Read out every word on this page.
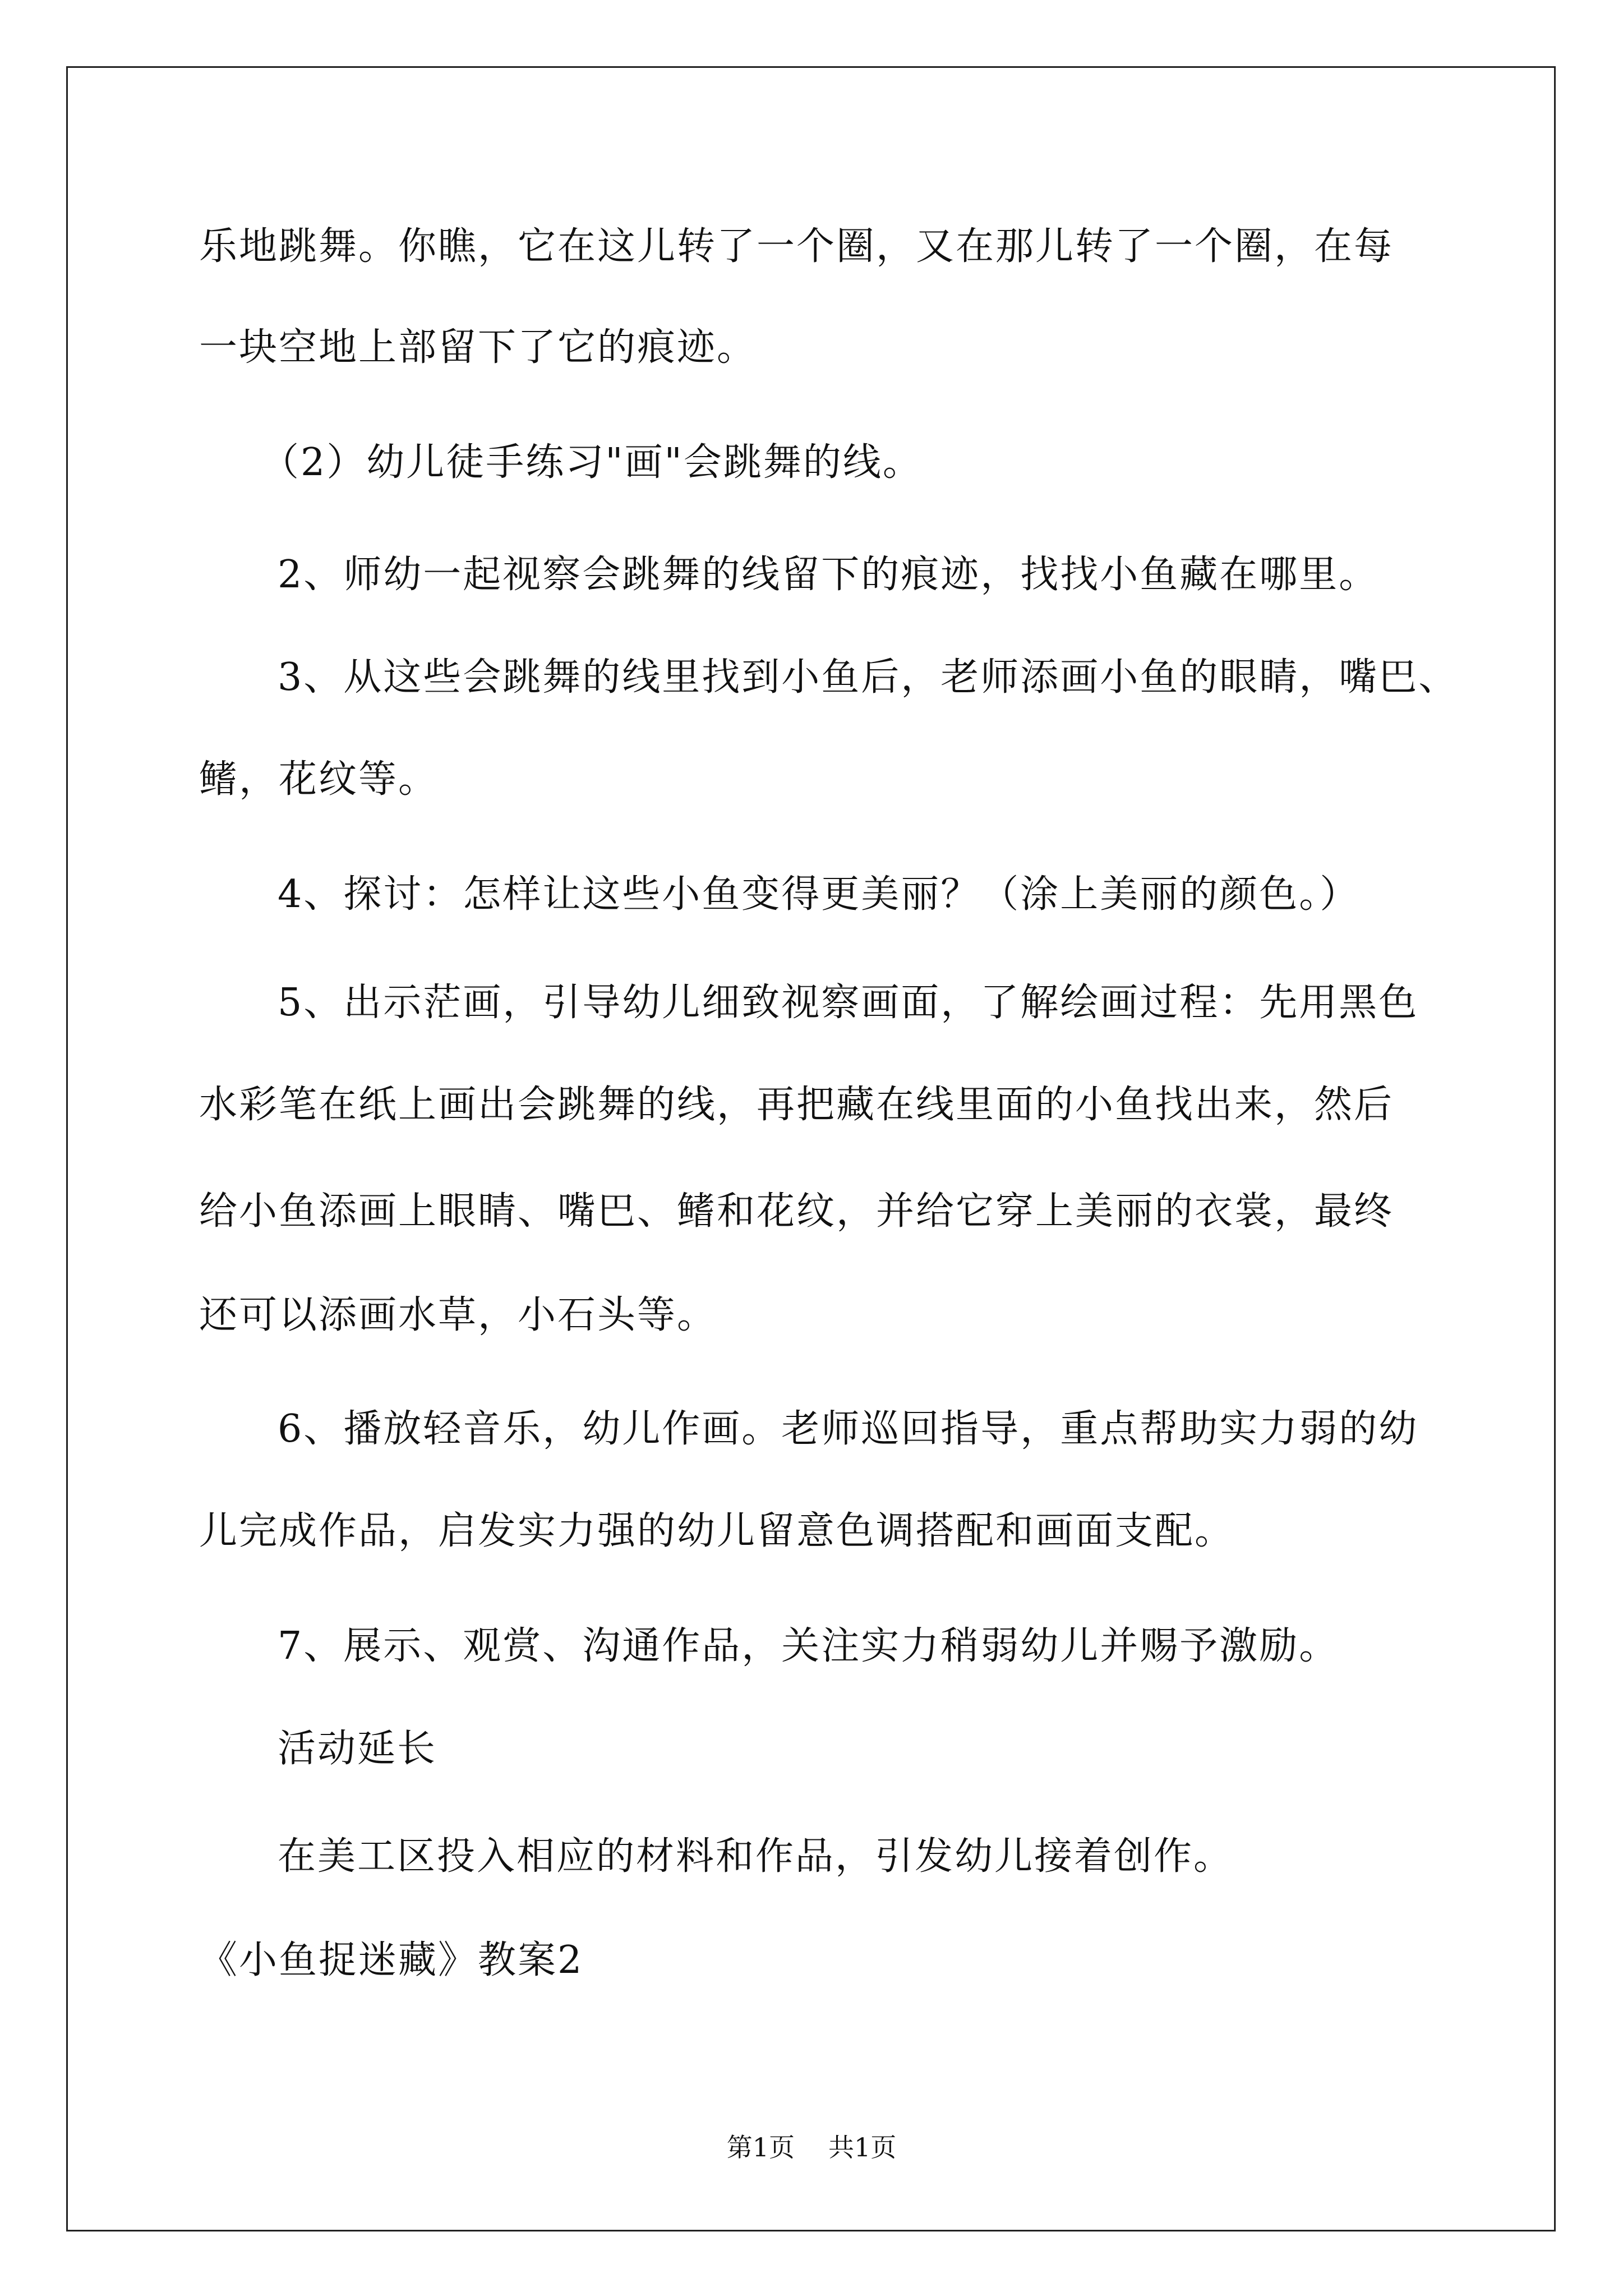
乐地跳舞。你瞧，它在这儿转了一个圈，又在那儿转了一个圈，在每
一块空地上部留下了它的痕迹。
（2）幼儿徒手练习"画"会跳舞的线。
2、师幼一起视察会跳舞的线留下的痕迹，找找小鱼藏在哪里。
3、从这些会跳舞的线里找到小鱼后，老师添画小鱼的眼睛，嘴巴、
鳍，花纹等。
4、探讨：怎样让这些小鱼变得更美丽？（涂上美丽的颜色。）
5、出示茫画，引导幼儿细致视察画面，了解绘画过程：先用黑色
水彩笔在纸上画出会跳舞的线，再把藏在线里面的小鱼找出来，然后
给小鱼添画上眼睛、嘴巴、鳍和花纹，并给它穿上美丽的衣裳，最终
还可以添画水草，小石头等。
6、播放轻音乐，幼儿作画。老师巡回指导，重点帮助实力弱的幼
儿完成作品，启发实力强的幼儿留意色调搭配和画面支配。
7、展示、观赏、沟通作品，关注实力稍弱幼儿并赐予激励。
活动延长
在美工区投入相应的材料和作品，引发幼儿接着创作。
《小鱼捉迷藏》教案2
第1页 共1页
